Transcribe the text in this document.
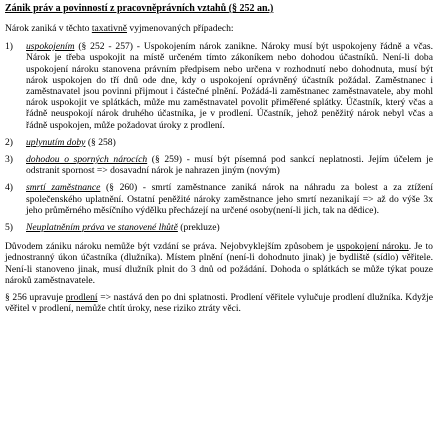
Zánik práv a povinností z pracovněprávních vztahů (§ 252 an.)

Nárok zaniká v těchto taxativně vyjmenovaných případech:

1) uspokojením (§ 252 - 257) - Uspokojením nárok zanikne. Nároky musí být uspokojeny řádně a včas. Nárok je třeba uspokojit na místě určeném tímto zákoníkem nebo dohodou účastníků. Není-li doba uspokojení nároku stanovena právním předpisem nebo určena v rozhodnutí nebo dohodnuta, musí být nárok uspokojen do tří dnů ode dne, kdy o uspokojení oprávněný účastník požádal. Zaměstnanec i zaměstnavatel jsou povinni přijmout i částečné plnění. Požádá-li zaměstnanec zaměstnavatele, aby mohl nárok uspokojit ve splátkách, může mu zaměstnavatel povolit přiměřené splátky. Účastník, který včas a řádně neuspokojí nárok druhého účastníka, je v prodlení. Účastník, jehož peněžitý nárok nebyl včas a řádně uspokojen, může požadovat úroky z prodlení.
2) uplynutím doby (§ 258)
3) dohodou o sporných nárocích (§ 259) - musí být písemná pod sankcí neplatnosti. Jejím účelem je odstranit spornost => dosavadní nárok je nahrazen jiným (novým)
4) smrtí zaměstnance (§ 260) - smrtí zaměstnance zaniká nárok na náhradu za bolest a za ztížení společenského uplatnění. Ostatní peněžité nároky zaměstnance jeho smrtí nezanikají => až do výše 3x jeho průměrného měsíčního výdělku přecházejí na určené osoby(není-li jich, tak na dědice).
5) Neuplatněním práva ve stanovené lhůtě (prekluze)

Důvodem zániku nároku nemůže být vzdání se práva. Nejobvyklejším způsobem je uspokojení nároku. Je to jednostranný úkon účastníka (dlužníka). Místem plnění (není-li dohodnuto jinak) je bydliště (sídlo) věřitele. Není-li stanoveno jinak, musí dlužník plnit do 3 dnů od požádání. Dohoda o splátkách se může týkat pouze nároků zaměstnavatele.

§ 256 upravuje prodlení => nastává den po dni splatnosti. Prodlení věřitele vylučuje prodlení dlužníka. Kdyžje věřitel v prodlení, nemůže chtít úroky, nese riziko ztráty věci.
